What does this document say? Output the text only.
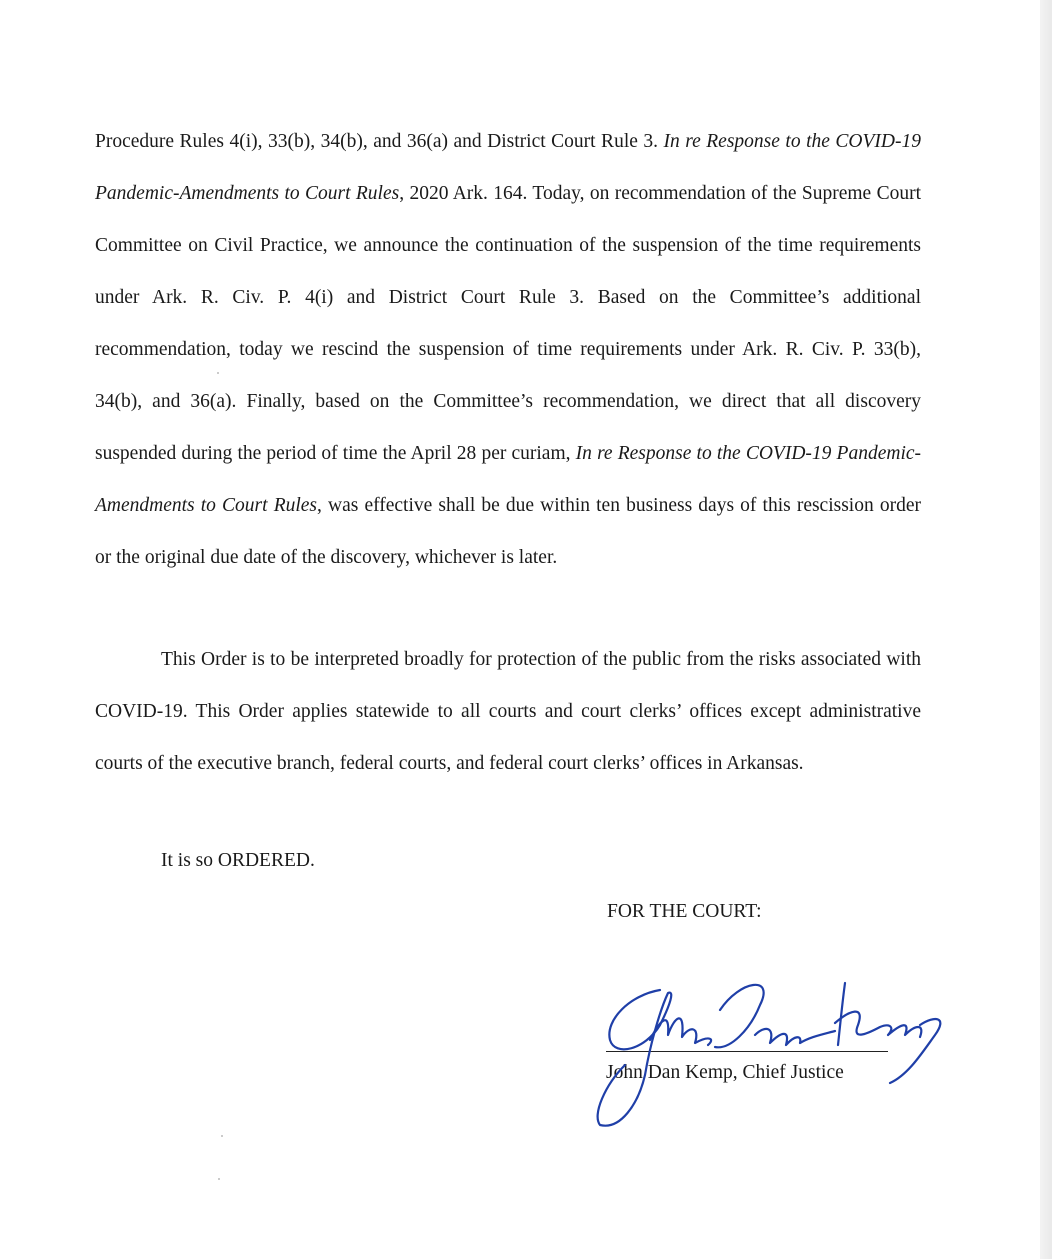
Procedure Rules 4(i), 33(b), 34(b), and 36(a) and District Court Rule 3. In re Response to the COVID-19 Pandemic-Amendments to Court Rules, 2020 Ark. 164. Today, on recommendation of the Supreme Court Committee on Civil Practice, we announce the continuation of the suspension of the time requirements under Ark. R. Civ. P. 4(i) and District Court Rule 3. Based on the Committee’s additional recommendation, today we rescind the suspension of time requirements under Ark. R. Civ. P. 33(b), 34(b), and 36(a). Finally, based on the Committee’s recommendation, we direct that all discovery suspended during the period of time the April 28 per curiam, In re Response to the COVID-19 Pandemic-Amendments to Court Rules, was effective shall be due within ten business days of this rescission order or the original due date of the discovery, whichever is later.

This Order is to be interpreted broadly for protection of the public from the risks associated with COVID-19. This Order applies statewide to all courts and court clerks’ offices except administrative courts of the executive branch, federal courts, and federal court clerks’ offices in Arkansas.

It is so ORDERED.

FOR THE COURT:

John Dan Kemp, Chief Justice
